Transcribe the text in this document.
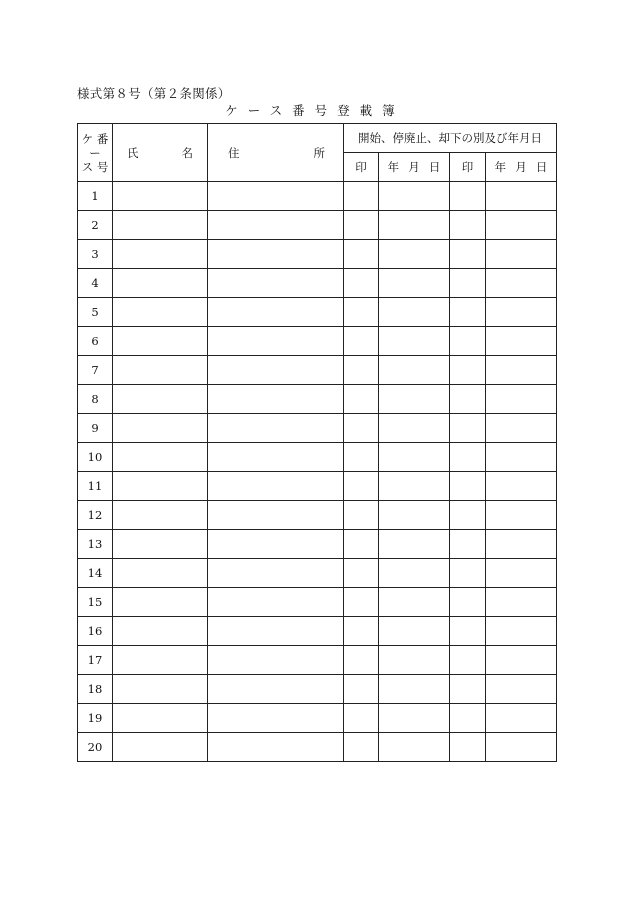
様式第８号（第２条関係）
ケース番号登載簿
ケ 番
ー
ス 号	氏 名	住 所	開始、停廃止、却下の別及び年月日			
			印	年 月 日	印	年 月 日

1						
2						
3						
4						
5						
6						
7						
8						
9						
10						
11						
12						
13						
14						
15						
16						
17						
18						
19						
20						
